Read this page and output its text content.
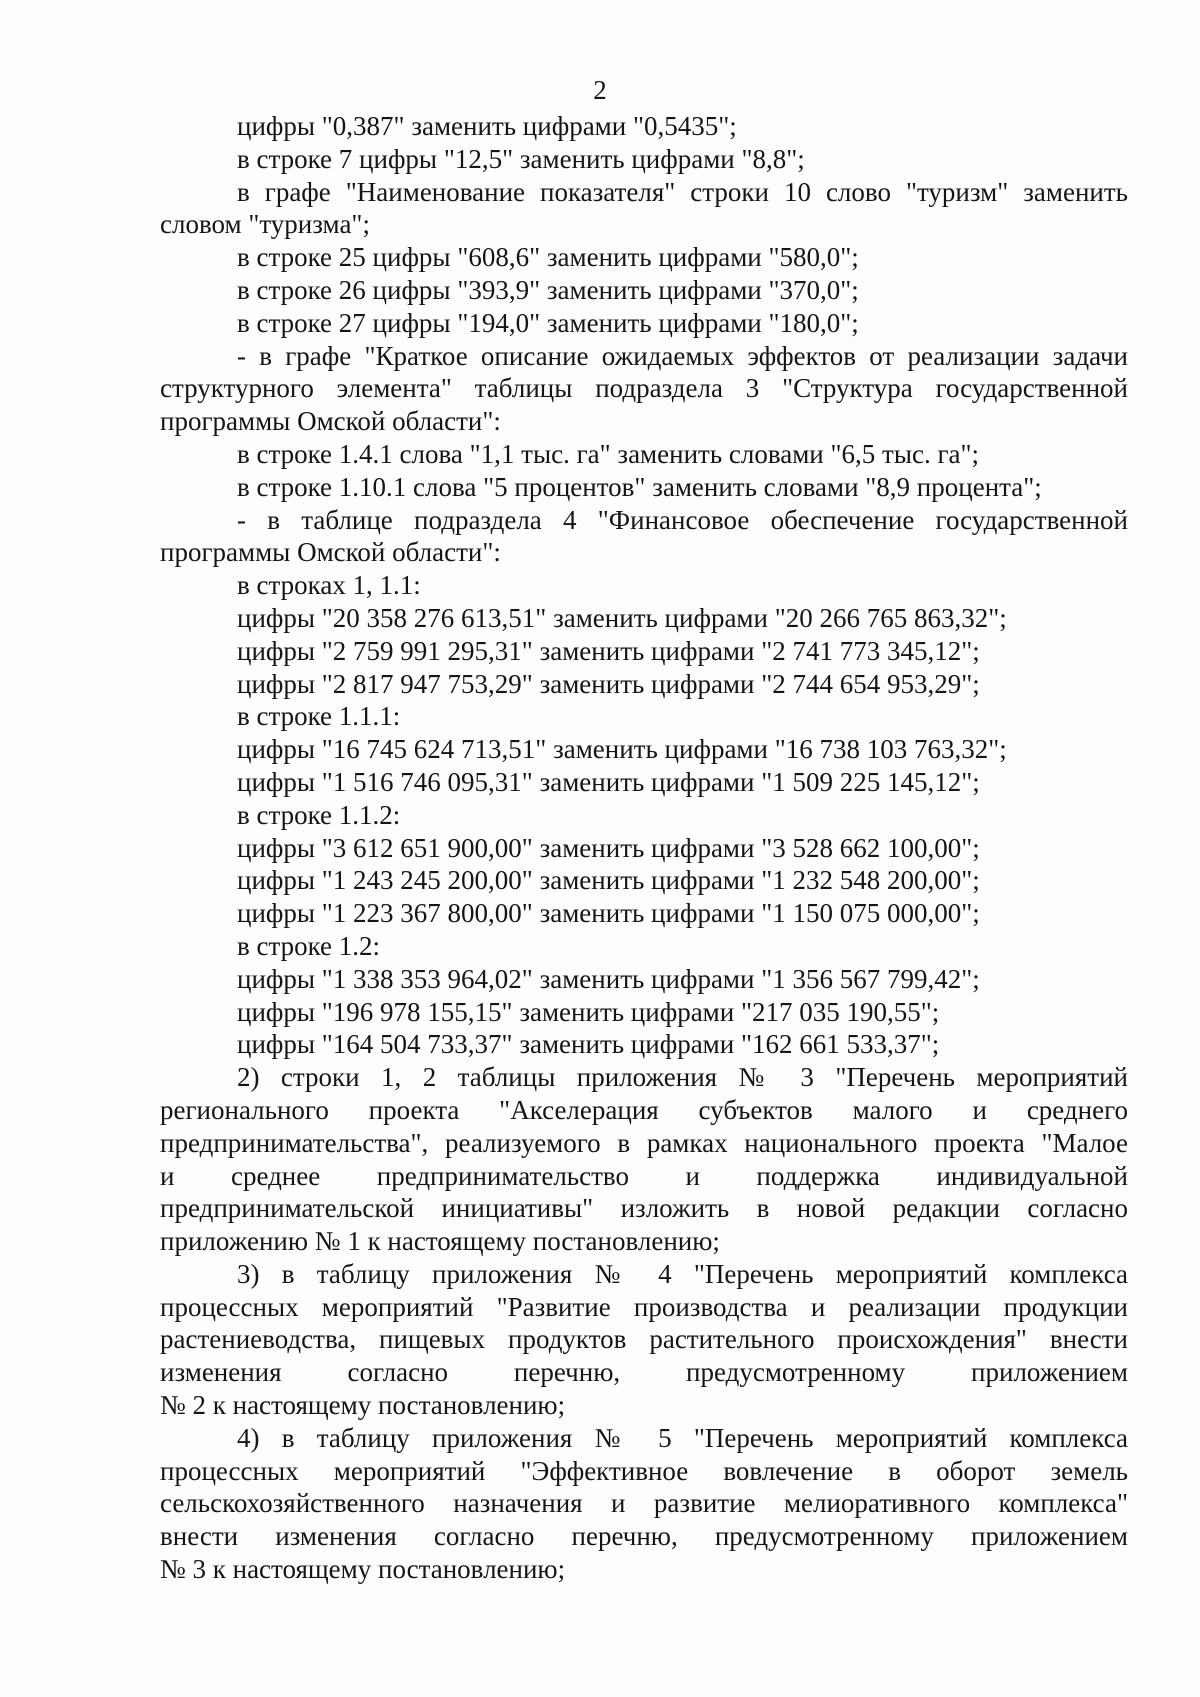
2
цифры "0,387" заменить цифрами "0,5435";
в строке 7 цифры "12,5" заменить цифрами "8,8";
в графе "Наименование показателя" строки 10 слово "туризм" заменить
словом "туризма";
в строке 25 цифры "608,6" заменить цифрами "580,0";
в строке 26 цифры "393,9" заменить цифрами "370,0";
в строке 27 цифры "194,0" заменить цифрами "180,0";
- в графе "Краткое описание ожидаемых эффектов от реализации задачи
структурного элемента" таблицы подраздела 3 "Структура государственной
программы Омской области":
в строке 1.4.1 слова "1,1 тыс. га" заменить словами "6,5 тыс. га";
в строке 1.10.1 слова "5 процентов" заменить словами "8,9 процента";
- в таблице подраздела 4 "Финансовое обеспечение государственной
программы Омской области":
в строках 1, 1.1:
цифры "20 358 276 613,51" заменить цифрами "20 266 765 863,32";
цифры "2 759 991 295,31" заменить цифрами "2 741 773 345,12";
цифры "2 817 947 753,29" заменить цифрами "2 744 654 953,29";
в строке 1.1.1:
цифры "16 745 624 713,51" заменить цифрами "16 738 103 763,32";
цифры "1 516 746 095,31" заменить цифрами "1 509 225 145,12";
в строке 1.1.2:
цифры "3 612 651 900,00" заменить цифрами "3 528 662 100,00";
цифры "1 243 245 200,00" заменить цифрами "1 232 548 200,00";
цифры "1 223 367 800,00" заменить цифрами "1 150 075 000,00";
в строке 1.2:
цифры "1 338 353 964,02" заменить цифрами "1 356 567 799,42";
цифры "196 978 155,15" заменить цифрами "217 035 190,55";
цифры "164 504 733,37" заменить цифрами "162 661 533,37";
2) строки 1, 2 таблицы приложения № 3 "Перечень мероприятий
регионального проекта "Акселерация субъектов малого и среднего
предпринимательства", реализуемого в рамках национального проекта "Малое
и среднее предпринимательство и поддержка индивидуальной
предпринимательской инициативы" изложить в новой редакции согласно
приложению № 1 к настоящему постановлению;
3) в таблицу приложения № 4 "Перечень мероприятий комплекса
процессных мероприятий "Развитие производства и реализации продукции
растениеводства, пищевых продуктов растительного происхождения" внести
изменения согласно перечню, предусмотренному приложением
№ 2 к настоящему постановлению;
4) в таблицу приложения № 5 "Перечень мероприятий комплекса
процессных мероприятий "Эффективное вовлечение в оборот земель
сельскохозяйственного назначения и развитие мелиоративного комплекса"
внести изменения согласно перечню, предусмотренному приложением
№ 3 к настоящему постановлению;
